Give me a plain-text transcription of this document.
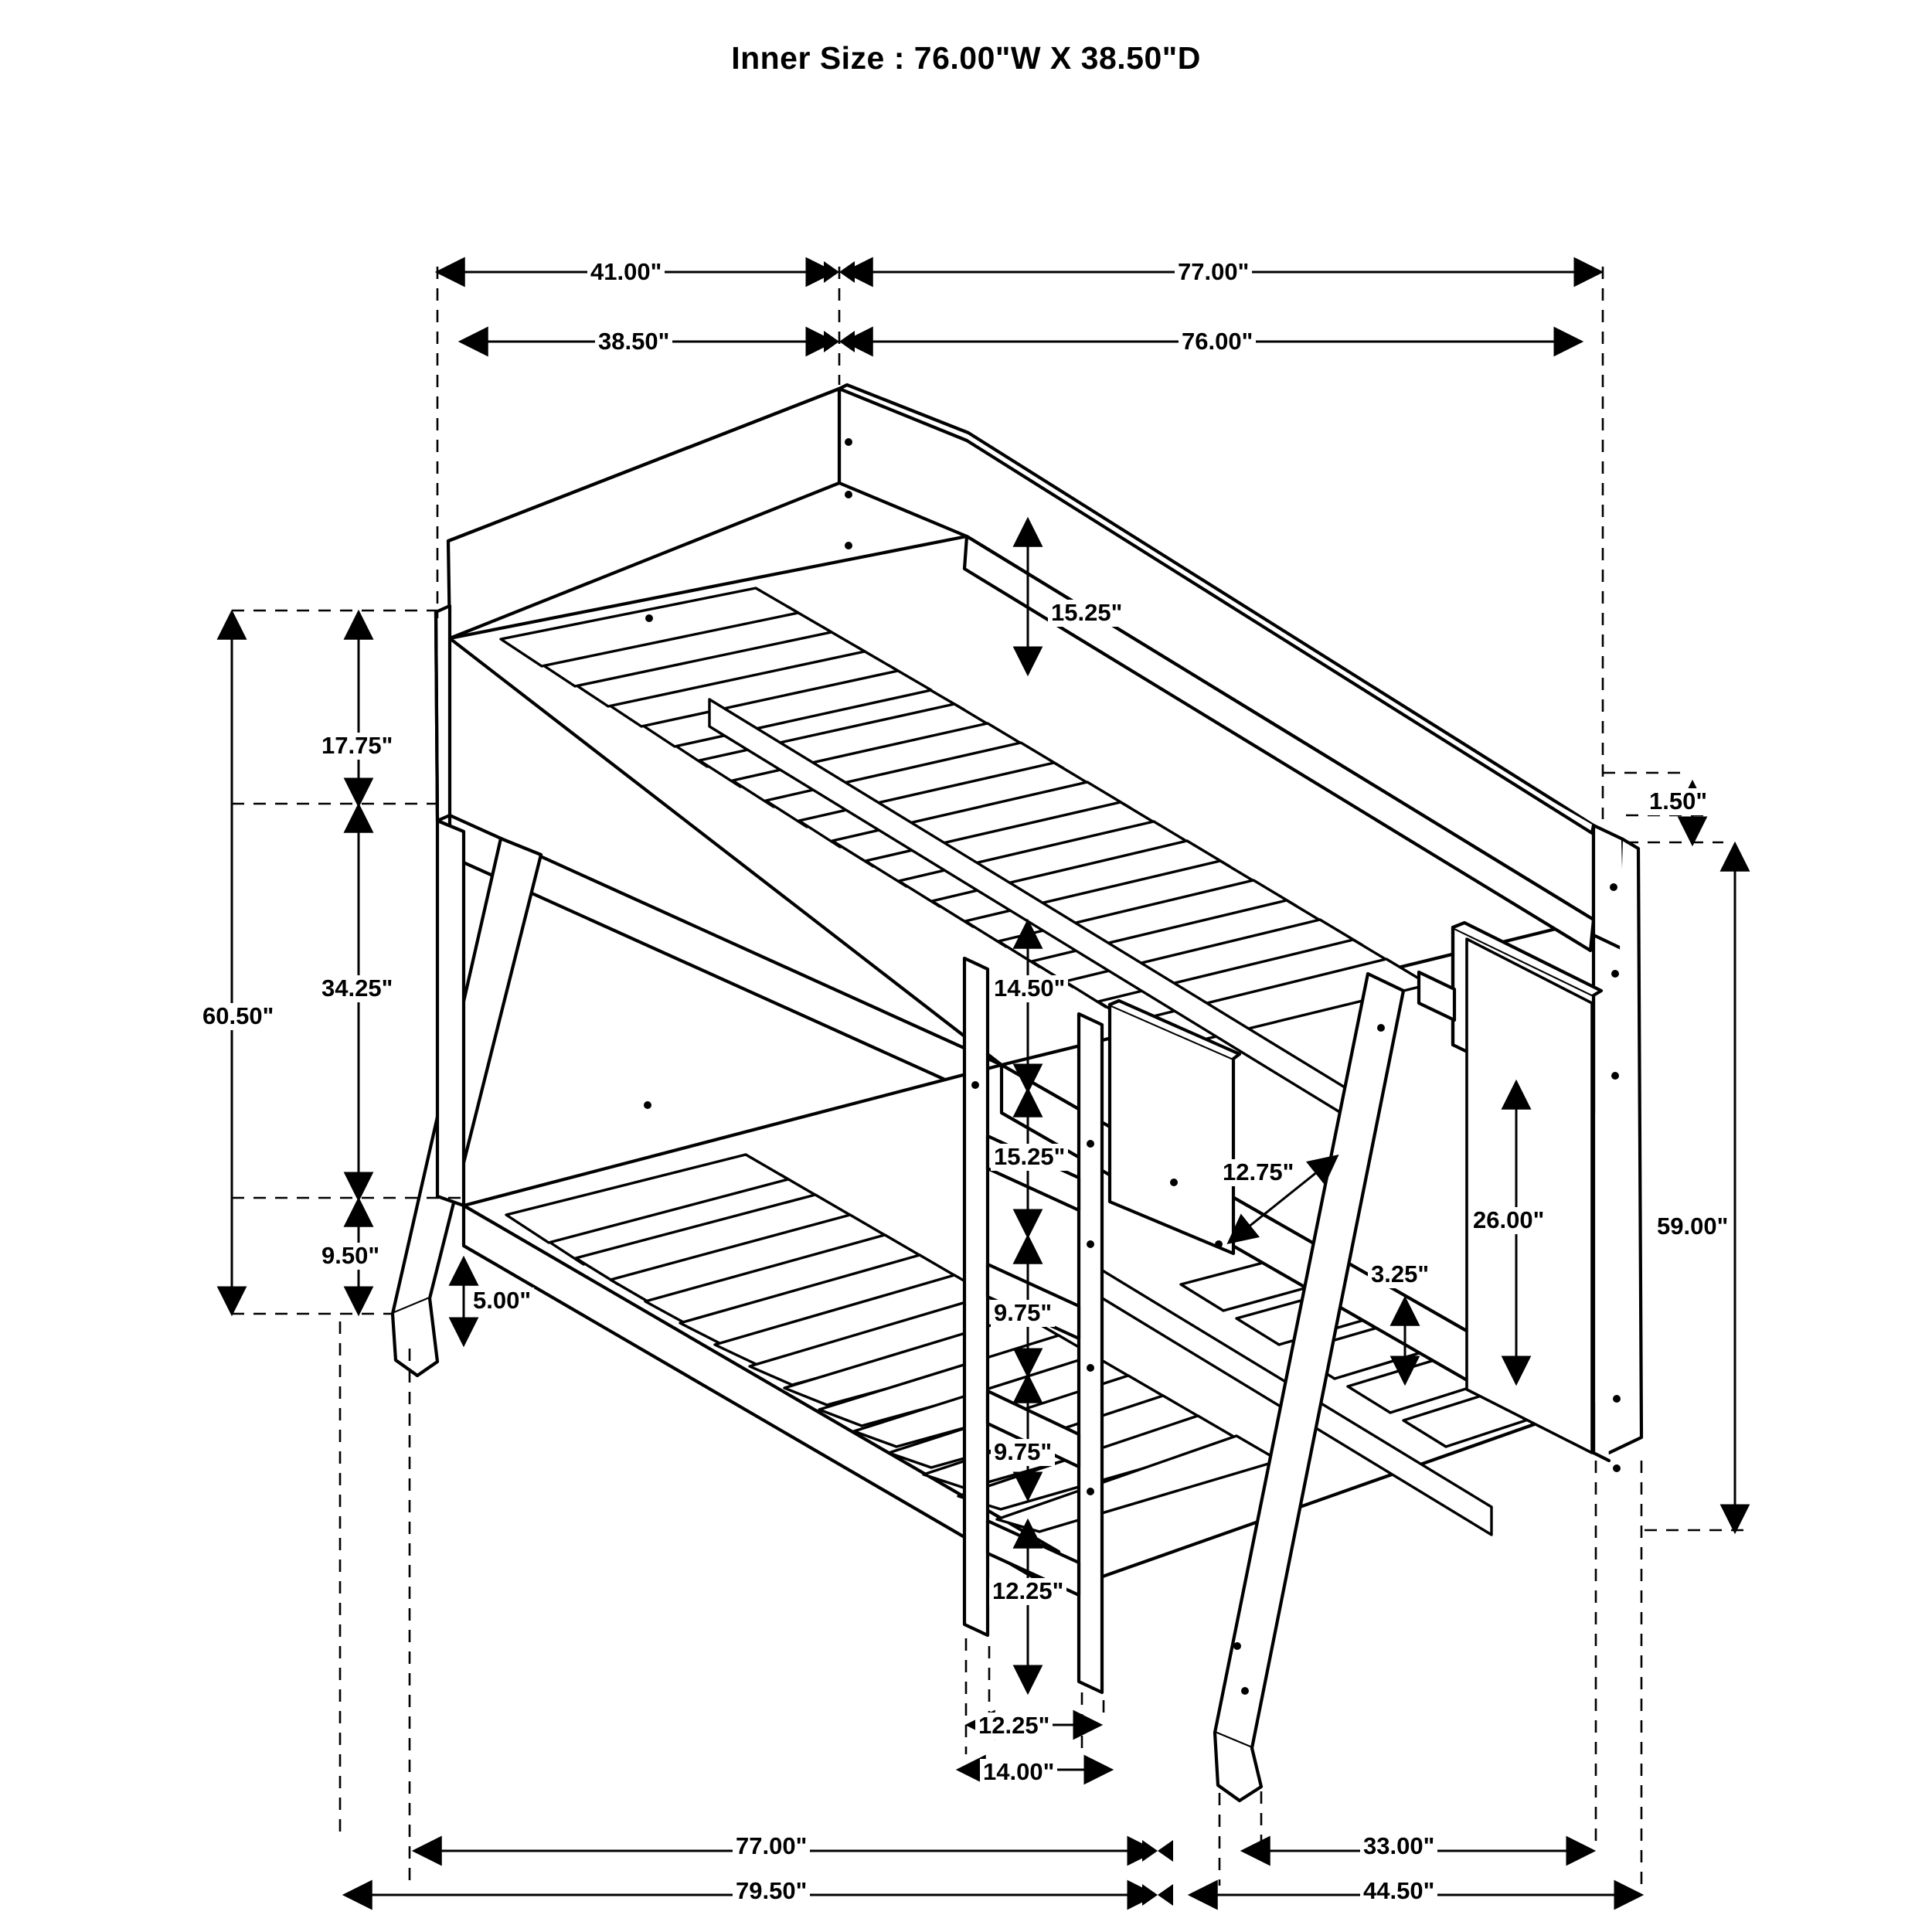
Inner Size : 76.00"W X 38.50"D
41.00"	77.00"
38.50"	76.00"
15.25"
1.50"
59.00"
60.50"
17.75"
34.25"
9.50"
5.00"
14.50"
15.25"
9.75"
9.75"
12.25"
12.25"
14.00"
12.75"
3.25"
26.00"
77.00"	33.00"
79.50"	44.50"
